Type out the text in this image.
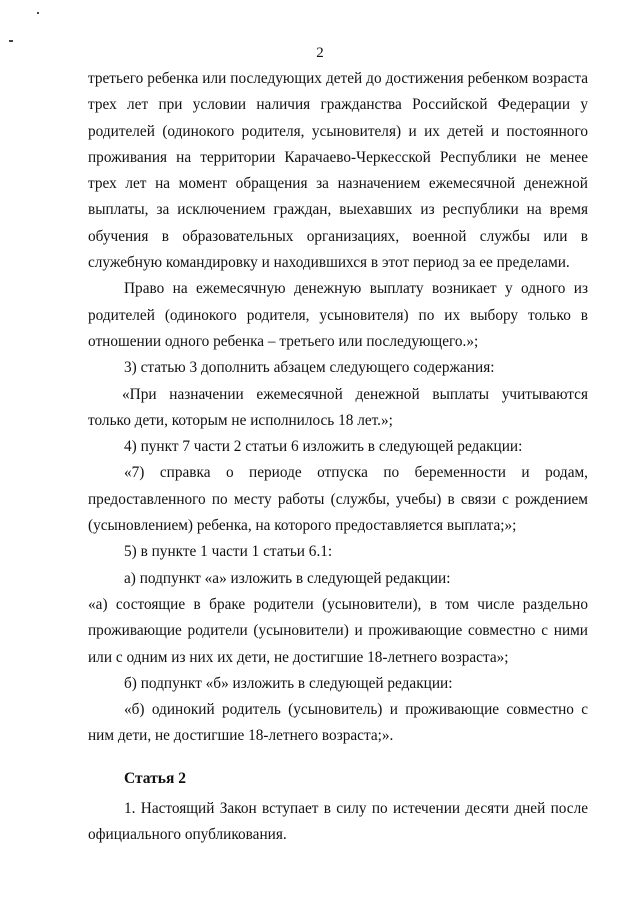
2

третьего ребенка или последующих детей до достижения ребенком возраста трех лет при условии наличия гражданства Российской Федерации у родителей (одинокого родителя, усыновителя) и их детей и постоянного проживания на территории Карачаево-Черкесской Республики не менее трех лет на момент обращения за назначением ежемесячной денежной выплаты, за исключением граждан, выехавших из республики на время обучения в образовательных организациях, военной службы или в служебную командировку и находившихся в этот период за ее пределами.

Право на ежемесячную денежную выплату возникает у одного из родителей (одинокого родителя, усыновителя) по их выбору только в отношении одного ребенка – третьего или последующего.»;

3) статью 3 дополнить абзацем следующего содержания:

«При назначении ежемесячной денежной выплаты учитываются только дети, которым не исполнилось 18 лет.»;

4) пункт 7 части 2 статьи 6 изложить в следующей редакции:

«7) справка о периоде отпуска по беременности и родам, предоставленного по месту работы (службы, учебы) в связи с рождением (усыновлением) ребенка, на которого предоставляется выплата;»;

5) в пункте 1 части 1 статьи 6.1:

а) подпункт «а» изложить в следующей редакции:

«а) состоящие в браке родители (усыновители), в том числе раздельно проживающие родители (усыновители) и проживающие совместно с ними или с одним из них их дети, не достигшие 18-летнего возраста»;

б) подпункт «б» изложить в следующей редакции:

«б) одинокий родитель (усыновитель) и проживающие совместно с ним дети, не достигшие 18-летнего возраста;».

Статья 2

1. Настоящий Закон вступает в силу по истечении десяти дней после официального опубликования.
